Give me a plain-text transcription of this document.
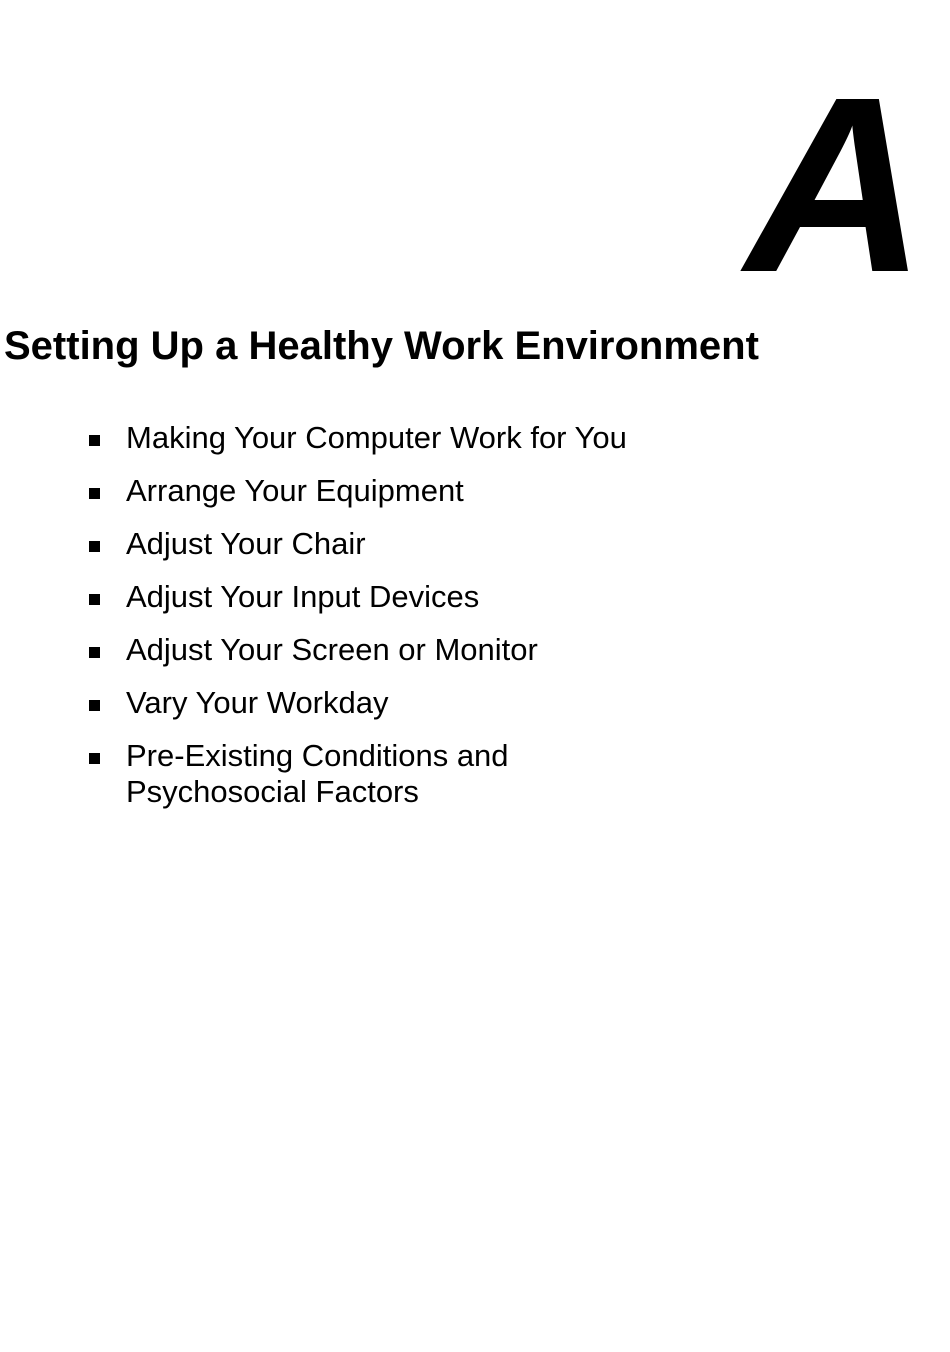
A
Setting Up a Healthy Work Environment
Making Your Computer Work for You
Arrange Your Equipment
Adjust Your Chair
Adjust Your Input Devices
Adjust Your Screen or Monitor
Vary Your Workday
Pre-Existing Conditions and Psychosocial Factors
